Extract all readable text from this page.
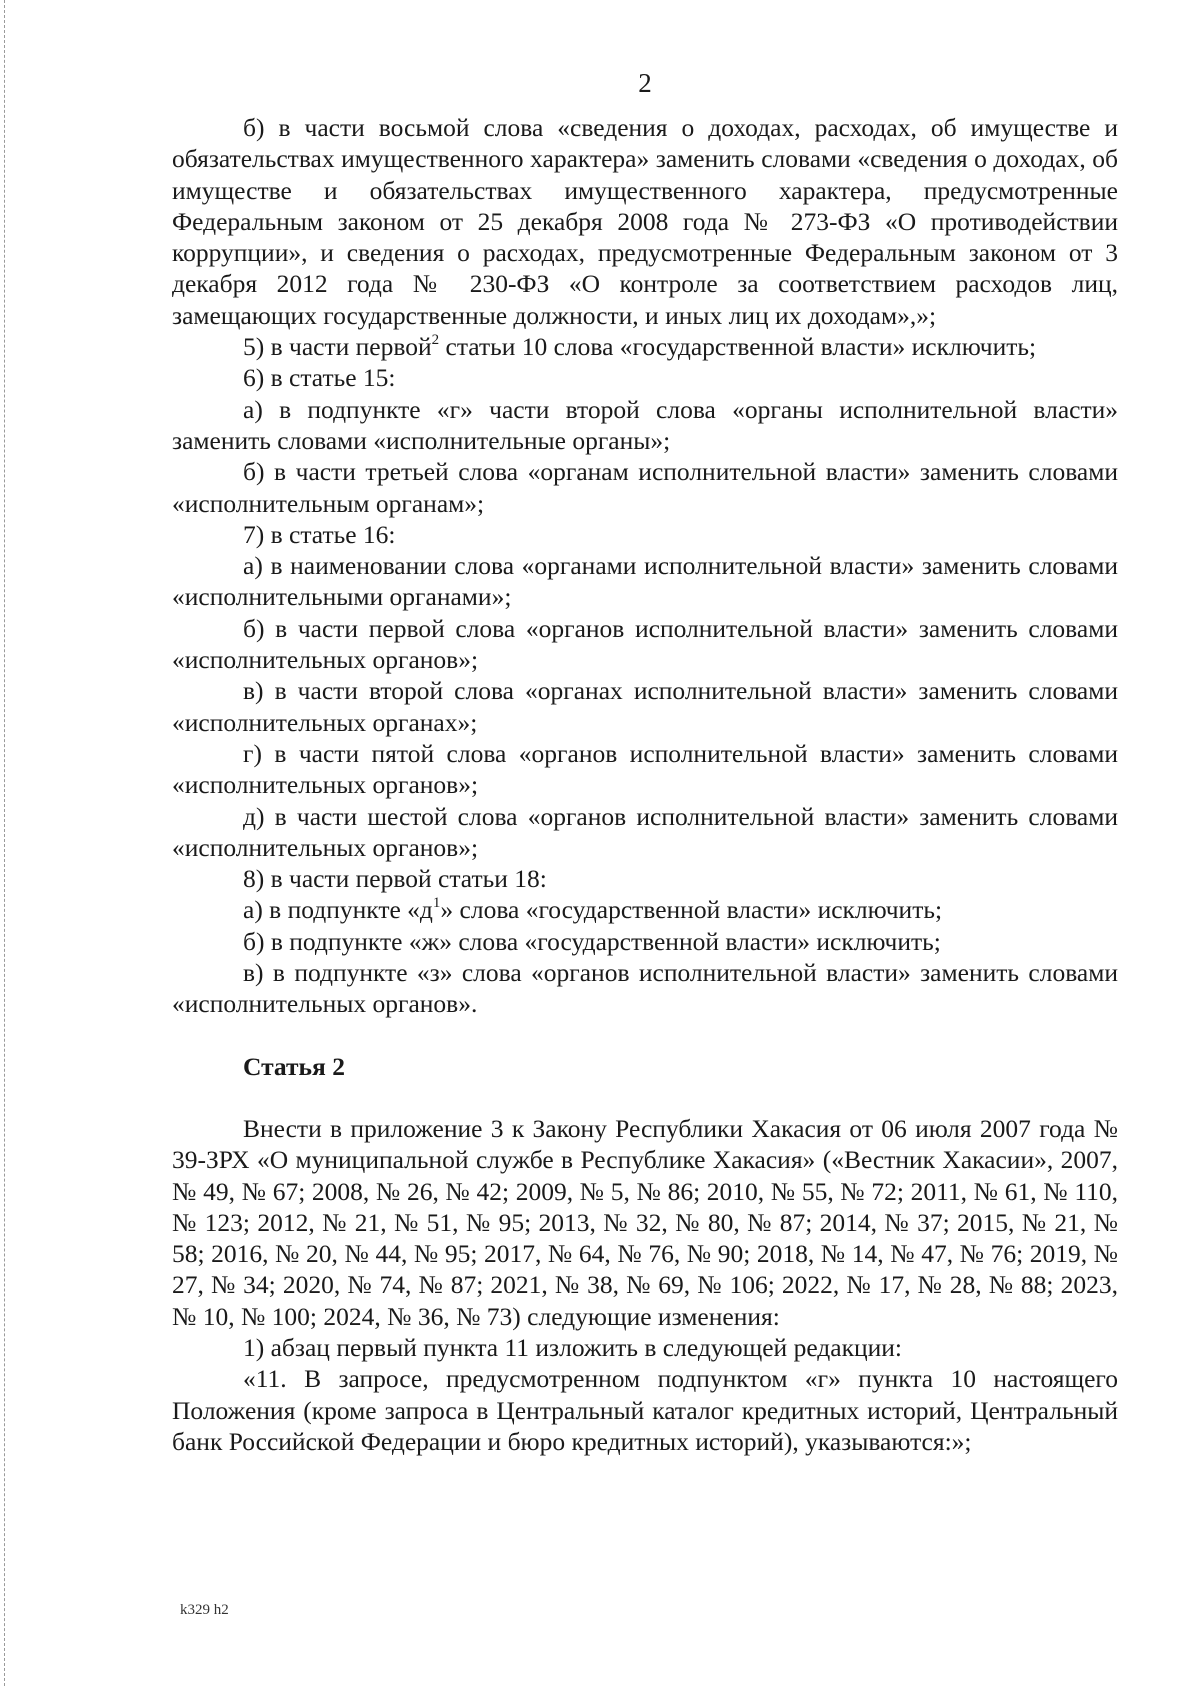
2

б) в части восьмой слова «сведения о доходах, расходах, об имуществе и обязательствах имущественного характера» заменить словами «сведения о доходах, об имуществе и обязательствах имущественного характера, предусмотренные Федеральным законом от 25 декабря 2008 года № 273-ФЗ «О противодействии коррупции», и сведения о расходах, предусмотренные Федеральным законом от 3 декабря 2012 года № 230-ФЗ «О контроле за соответствием расходов лиц, замещающих государственные должности, и иных лиц их доходам»,»;

5) в части первой$^2$ статьи 10 слова «государственной власти» исключить;

6) в статье 15:

а) в подпункте «г» части второй слова «органы исполнительной власти» заменить словами «исполнительные органы»;

б) в части третьей слова «органам исполнительной власти» заменить словами «исполнительным органам»;

7) в статье 16:

а) в наименовании слова «органами исполнительной власти» заменить словами «исполнительными органами»;

б) в части первой слова «органов исполнительной власти» заменить словами «исполнительных органов»;

в) в части второй слова «органах исполнительной власти» заменить словами «исполнительных органах»;

г) в части пятой слова «органов исполнительной власти» заменить словами «исполнительных органов»;

д) в части шестой слова «органов исполнительной власти» заменить словами «исполнительных органов»;

8) в части первой статьи 18:

а) в подпункте «$д^1$» слова «государственной власти» исключить;

б) в подпункте «ж» слова «государственной власти» исключить;

в) в подпункте «з» слова «органов исполнительной власти» заменить словами «исполнительных органов».

Статья 2

Внести в приложение 3 к Закону Республики Хакасия от 06 июля 2007 года № 39-ЗРХ «О муниципальной службе в Республике Хакасия» («Вестник Хакасии», 2007, № 49, № 67; 2008, № 26, № 42; 2009, № 5, № 86; 2010, № 55, № 72; 2011, № 61, № 110, № 123; 2012, № 21, № 51, № 95; 2013, № 32, № 80, № 87; 2014, № 37; 2015, № 21, № 58; 2016, № 20, № 44, № 95; 2017, № 64, № 76, № 90; 2018, № 14, № 47, № 76; 2019, № 27, № 34; 2020, № 74, № 87; 2021, № 38, № 69, № 106; 2022, № 17, № 28, № 88; 2023, № 10, № 100; 2024, № 36, № 73) следующие изменения:

1) абзац первый пункта 11 изложить в следующей редакции:

«11. В запросе, предусмотренном подпунктом «г» пункта 10 настоящего Положения (кроме запроса в Центральный каталог кредитных историй, Центральный банк Российской Федерации и бюро кредитных историй), указываются:»;

k329 h2
